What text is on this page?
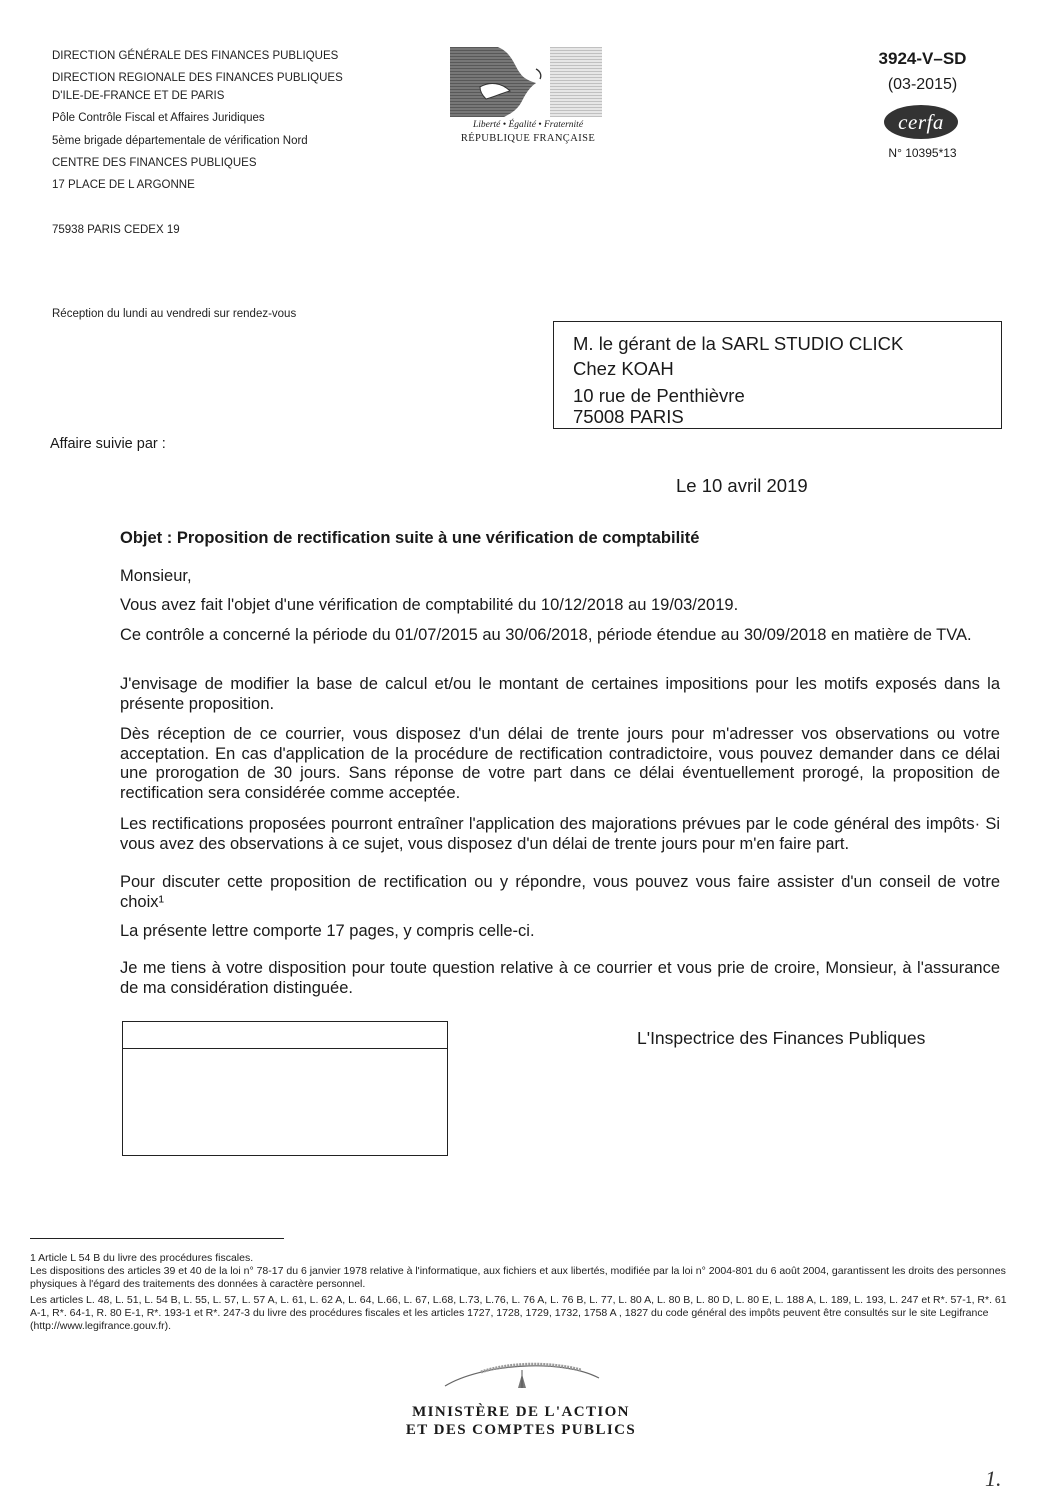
DIRECTION GÉNÉRALE DES FINANCES PUBLIQUES
DIRECTION REGIONALE DES FINANCES PUBLIQUES
D'ILE-DE-FRANCE ET DE PARIS
Pôle Contrôle Fiscal et Affaires Juridiques
5ème brigade départementale de vérification Nord
CENTRE DES FINANCES PUBLIQUES
17 PLACE DE L ARGONNE
75938 PARIS CEDEX 19
Réception du lundi au vendredi sur rendez-vous
Liberté • Égalité • Fraternité
RÉPUBLIQUE FRANÇAISE
3924-V–SD
(03-2015)
cerfa
N° 10395*13
M. le gérant de la SARL STUDIO CLICK
Chez KOAH
10 rue de Penthièvre
75008 PARIS
Affaire suivie par :
Le 10 avril 2019
Objet : Proposition de rectification suite à une vérification de comptabilité
Monsieur,
Vous avez fait l'objet d'une vérification de comptabilité du 10/12/2018 au 19/03/2019.
Ce contrôle a concerné la période du 01/07/2015 au 30/06/2018, période étendue au 30/09/2018 en matière de TVA.
J'envisage de modifier la base de calcul et/ou le montant de certaines impositions pour les motifs exposés dans la présente proposition.
Dès réception de ce courrier, vous disposez d'un délai de trente jours pour m'adresser vos observations ou votre acceptation. En cas d'application de la procédure de rectification contradictoire, vous pouvez demander dans ce délai une prorogation de 30 jours. Sans réponse de votre part dans ce délai éventuellement prorogé, la proposition de rectification sera considérée comme acceptée.
Les rectifications proposées pourront entraîner l'application des majorations prévues par le code général des impôts· Si vous avez des observations à ce sujet, vous disposez d'un délai de trente jours pour m'en faire part.
Pour discuter cette proposition de rectification ou y répondre, vous pouvez vous faire assister d'un conseil de votre choix¹
La présente lettre comporte 17 pages, y compris celle-ci.
Je me tiens à votre disposition pour toute question relative à ce courrier et vous prie de croire, Monsieur, à l'assurance de ma considération distinguée.
L'Inspectrice des Finances Publiques
1 Article L 54 B du livre des procédures fiscales.
Les dispositions des articles 39 et 40 de la loi n° 78-17 du 6 janvier 1978 relative à l'informatique, aux fichiers et aux libertés, modifiée par la loi n° 2004-801 du 6 août 2004, garantissent les droits des personnes physiques à l'égard des traitements des données à caractère personnel.
Les articles L. 48, L. 51, L. 54 B, L. 55, L. 57, L. 57 A, L. 61, L. 62 A, L. 64, L.66, L. 67, L.68, L.73, L.76, L. 76 A, L. 76 B, L. 77, L. 80 A, L. 80 B, L. 80 D, L. 80 E, L. 188 A, L. 189, L. 193, L. 247 et R*. 57-1, R*. 61 A-1, R*. 64-1, R. 80 E-1, R*. 193-1 et R*. 247-3 du livre des procédures fiscales et les articles 1727, 1728, 1729, 1732, 1758 A , 1827 du code général des impôts peuvent être consultés sur le site Legifrance (http://www.legifrance.gouv.fr).
MINISTÈRE DE L'ACTION
ET DES COMPTES PUBLICS
1.
